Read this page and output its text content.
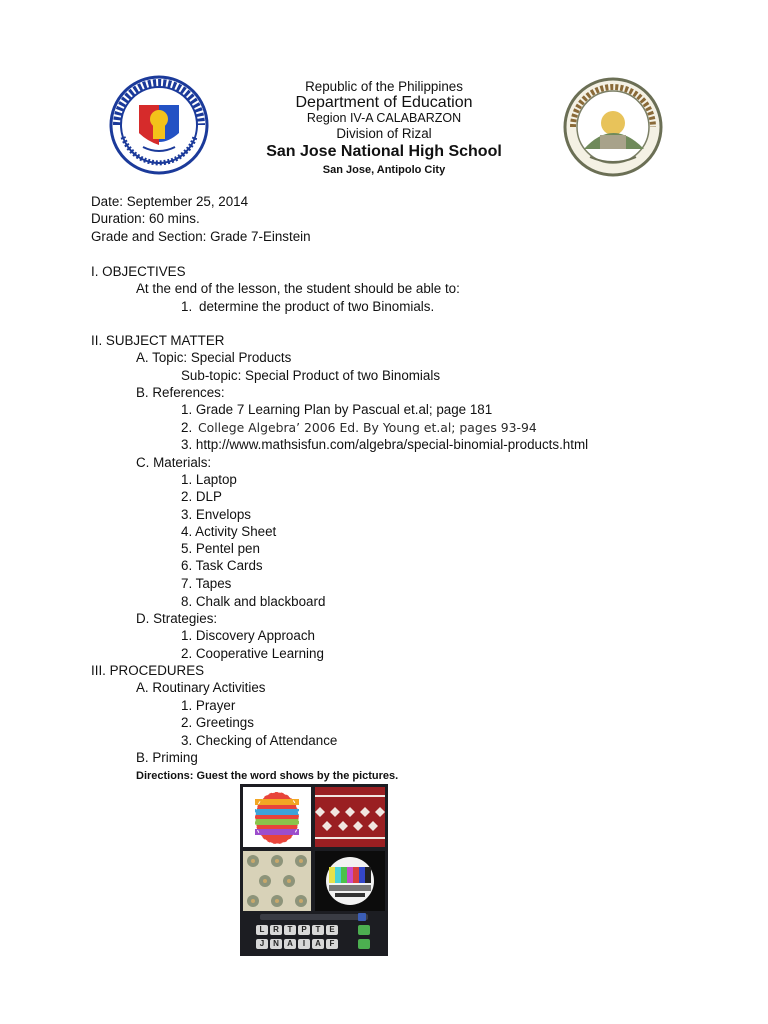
Republic of the Philippines
Department of Education
Region IV-A CALABARZON
Division of Rizal
San Jose National High School
San Jose, Antipolo City
Date: September 25, 2014
Duration: 60 mins.
Grade and Section: Grade 7-Einstein
I. OBJECTIVES
At the end of the lesson, the student should be able to:
1. determine the product of two Binomials.
II. SUBJECT MATTER
A. Topic: Special Products
Sub-topic: Special Product of two Binomials
B. References:
1. Grade 7 Learning Plan by Pascual et.al; page 181
2. College Algebra’ 2006 Ed. By Young et.al; pages 93-94
3. http://www.mathsisfun.com/algebra/special-binomial-products.html
C. Materials:
1. Laptop
2. DLP
3. Envelops
4. Activity Sheet
5. Pentel pen
6. Task Cards
7. Tapes
8. Chalk and blackboard
D. Strategies:
1. Discovery Approach
2. Cooperative Learning
III. PROCEDURES
A. Routinary Activities
1. Prayer
2. Greetings
3. Checking of Attendance
B. Priming
Directions: Guest the word shows by the pictures.
L	R	T	P	T	E
J	N	A	I	A	F
